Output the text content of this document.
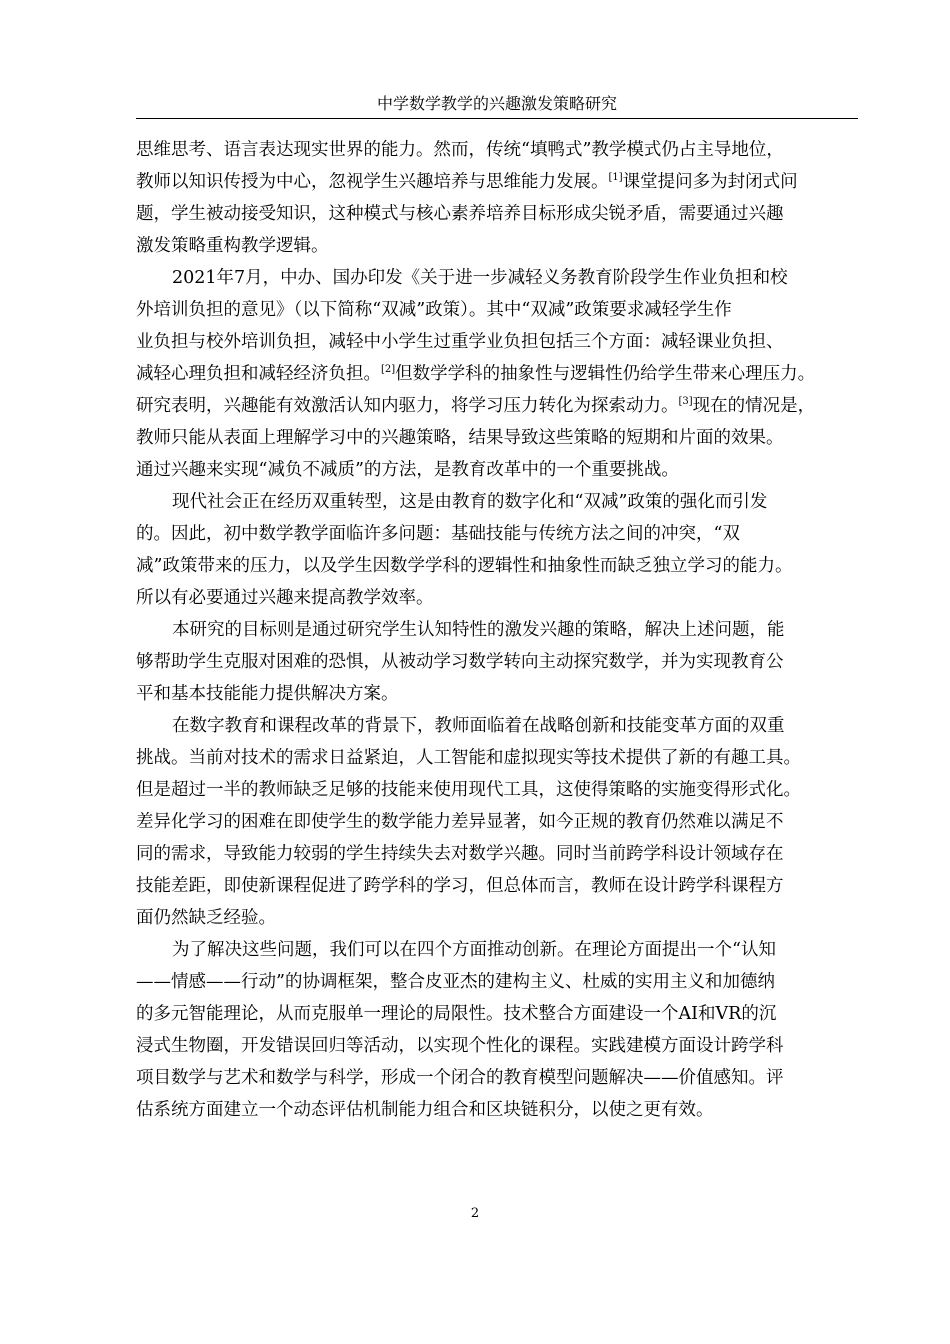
中学数学教学的兴趣激发策略研究
思维思考、语言表达现实世界的能力。然而，传统“填鸭式”教学模式仍占主导地位，
教师以知识传授为中心，忽视学生兴趣培养与思维能力发展。[1]课堂提问多为封闭式问
题，学生被动接受知识，这种模式与核心素养培养目标形成尖锐矛盾，需要通过兴趣
激发策略重构教学逻辑。
2021年7月，中办、国办印发《关于进一步减轻义务教育阶段学生作业负担和校
外培训负担的意见》（以下简称“双减”政策）。其中“双减”政策要求减轻学生作
业负担与校外培训负担，减轻中小学生过重学业负担包括三个方面：减轻课业负担、
减轻心理负担和减轻经济负担。[2]但数学学科的抽象性与逻辑性仍给学生带来心理压力。
研究表明，兴趣能有效激活认知内驱力，将学习压力转化为探索动力。[3]现在的情况是，
教师只能从表面上理解学习中的兴趣策略，结果导致这些策略的短期和片面的效果。
通过兴趣来实现“减负不减质”的方法，是教育改革中的一个重要挑战。
现代社会正在经历双重转型，这是由教育的数字化和“双减”政策的强化而引发
的。因此，初中数学教学面临许多问题：基础技能与传统方法之间的冲突，“双
减”政策带来的压力，以及学生因数学学科的逻辑性和抽象性而缺乏独立学习的能力。
所以有必要通过兴趣来提高教学效率。
本研究的目标则是通过研究学生认知特性的激发兴趣的策略，解决上述问题，能
够帮助学生克服对困难的恐惧，从被动学习数学转向主动探究数学，并为实现教育公
平和基本技能能力提供解决方案。
在数字教育和课程改革的背景下，教师面临着在战略创新和技能变革方面的双重
挑战。当前对技术的需求日益紧迫，人工智能和虚拟现实等技术提供了新的有趣工具。
但是超过一半的教师缺乏足够的技能来使用现代工具，这使得策略的实施变得形式化。
差异化学习的困难在即使学生的数学能力差异显著，如今正规的教育仍然难以满足不
同的需求，导致能力较弱的学生持续失去对数学兴趣。同时当前跨学科设计领域存在
技能差距，即使新课程促进了跨学科的学习，但总体而言，教师在设计跨学科课程方
面仍然缺乏经验。
为了解决这些问题，我们可以在四个方面推动创新。在理论方面提出一个“认知
——情感——行动”的协调框架，整合皮亚杰的建构主义、杜威的实用主义和加德纳
的多元智能理论，从而克服单一理论的局限性。技术整合方面建设一个AI和VR的沉
浸式生物圈，开发错误回归等活动，以实现个性化的课程。实践建模方面设计跨学科
项目数学与艺术和数学与科学，形成一个闭合的教育模型问题解决——价值感知。评
估系统方面建立一个动态评估机制能力组合和区块链积分，以使之更有效。
2
